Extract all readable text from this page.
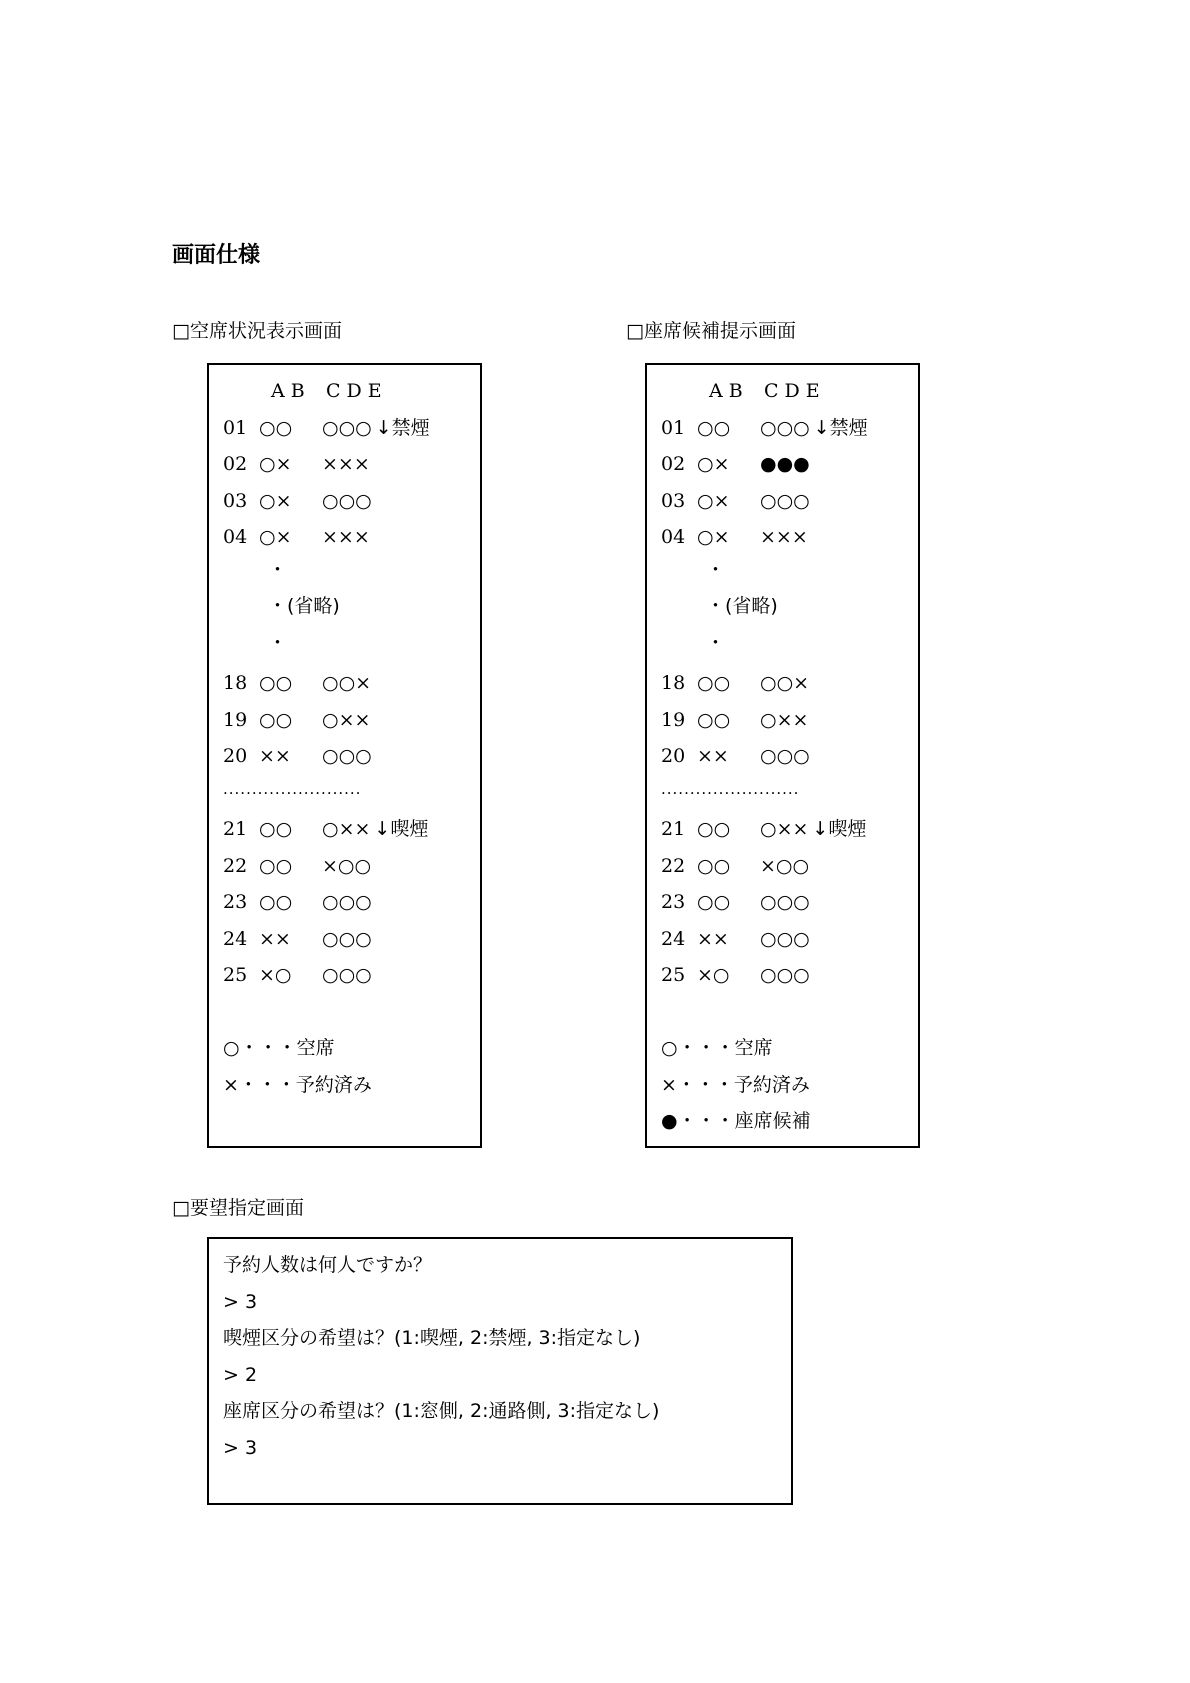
画面仕様
□空席状況表示画面
AB CDE
01 ○○ ○○○ ↓禁煙
02 ○× ×××
03 ○× ○○○
04 ○× ×××
・
・(省略)
・
18 ○○ ○○×
19 ○○ ○××
20 ×× ○○○
........................
21 ○○ ○×× ↓喫煙
22 ○○ ×○○
23 ○○ ○○○
24 ×× ○○○
25 ×○ ○○○
○・・・空席
×・・・予約済み
□座席候補提示画面
AB CDE
01 ○○ ○○○ ↓禁煙
02 ○× ●●●
03 ○× ○○○
04 ○× ×××
・
・(省略)
・
18 ○○ ○○×
19 ○○ ○××
20 ×× ○○○
........................
21 ○○ ○×× ↓喫煙
22 ○○ ×○○
23 ○○ ○○○
24 ×× ○○○
25 ×○ ○○○
○・・・空席
×・・・予約済み
●・・・座席候補
□要望指定画面
予約人数は何人ですか？
> 3
喫煙区分の希望は？(1:喫煙, 2:禁煙, 3:指定なし)
> 2
座席区分の希望は？(1:窓側, 2:通路側, 3:指定なし)
> 3
